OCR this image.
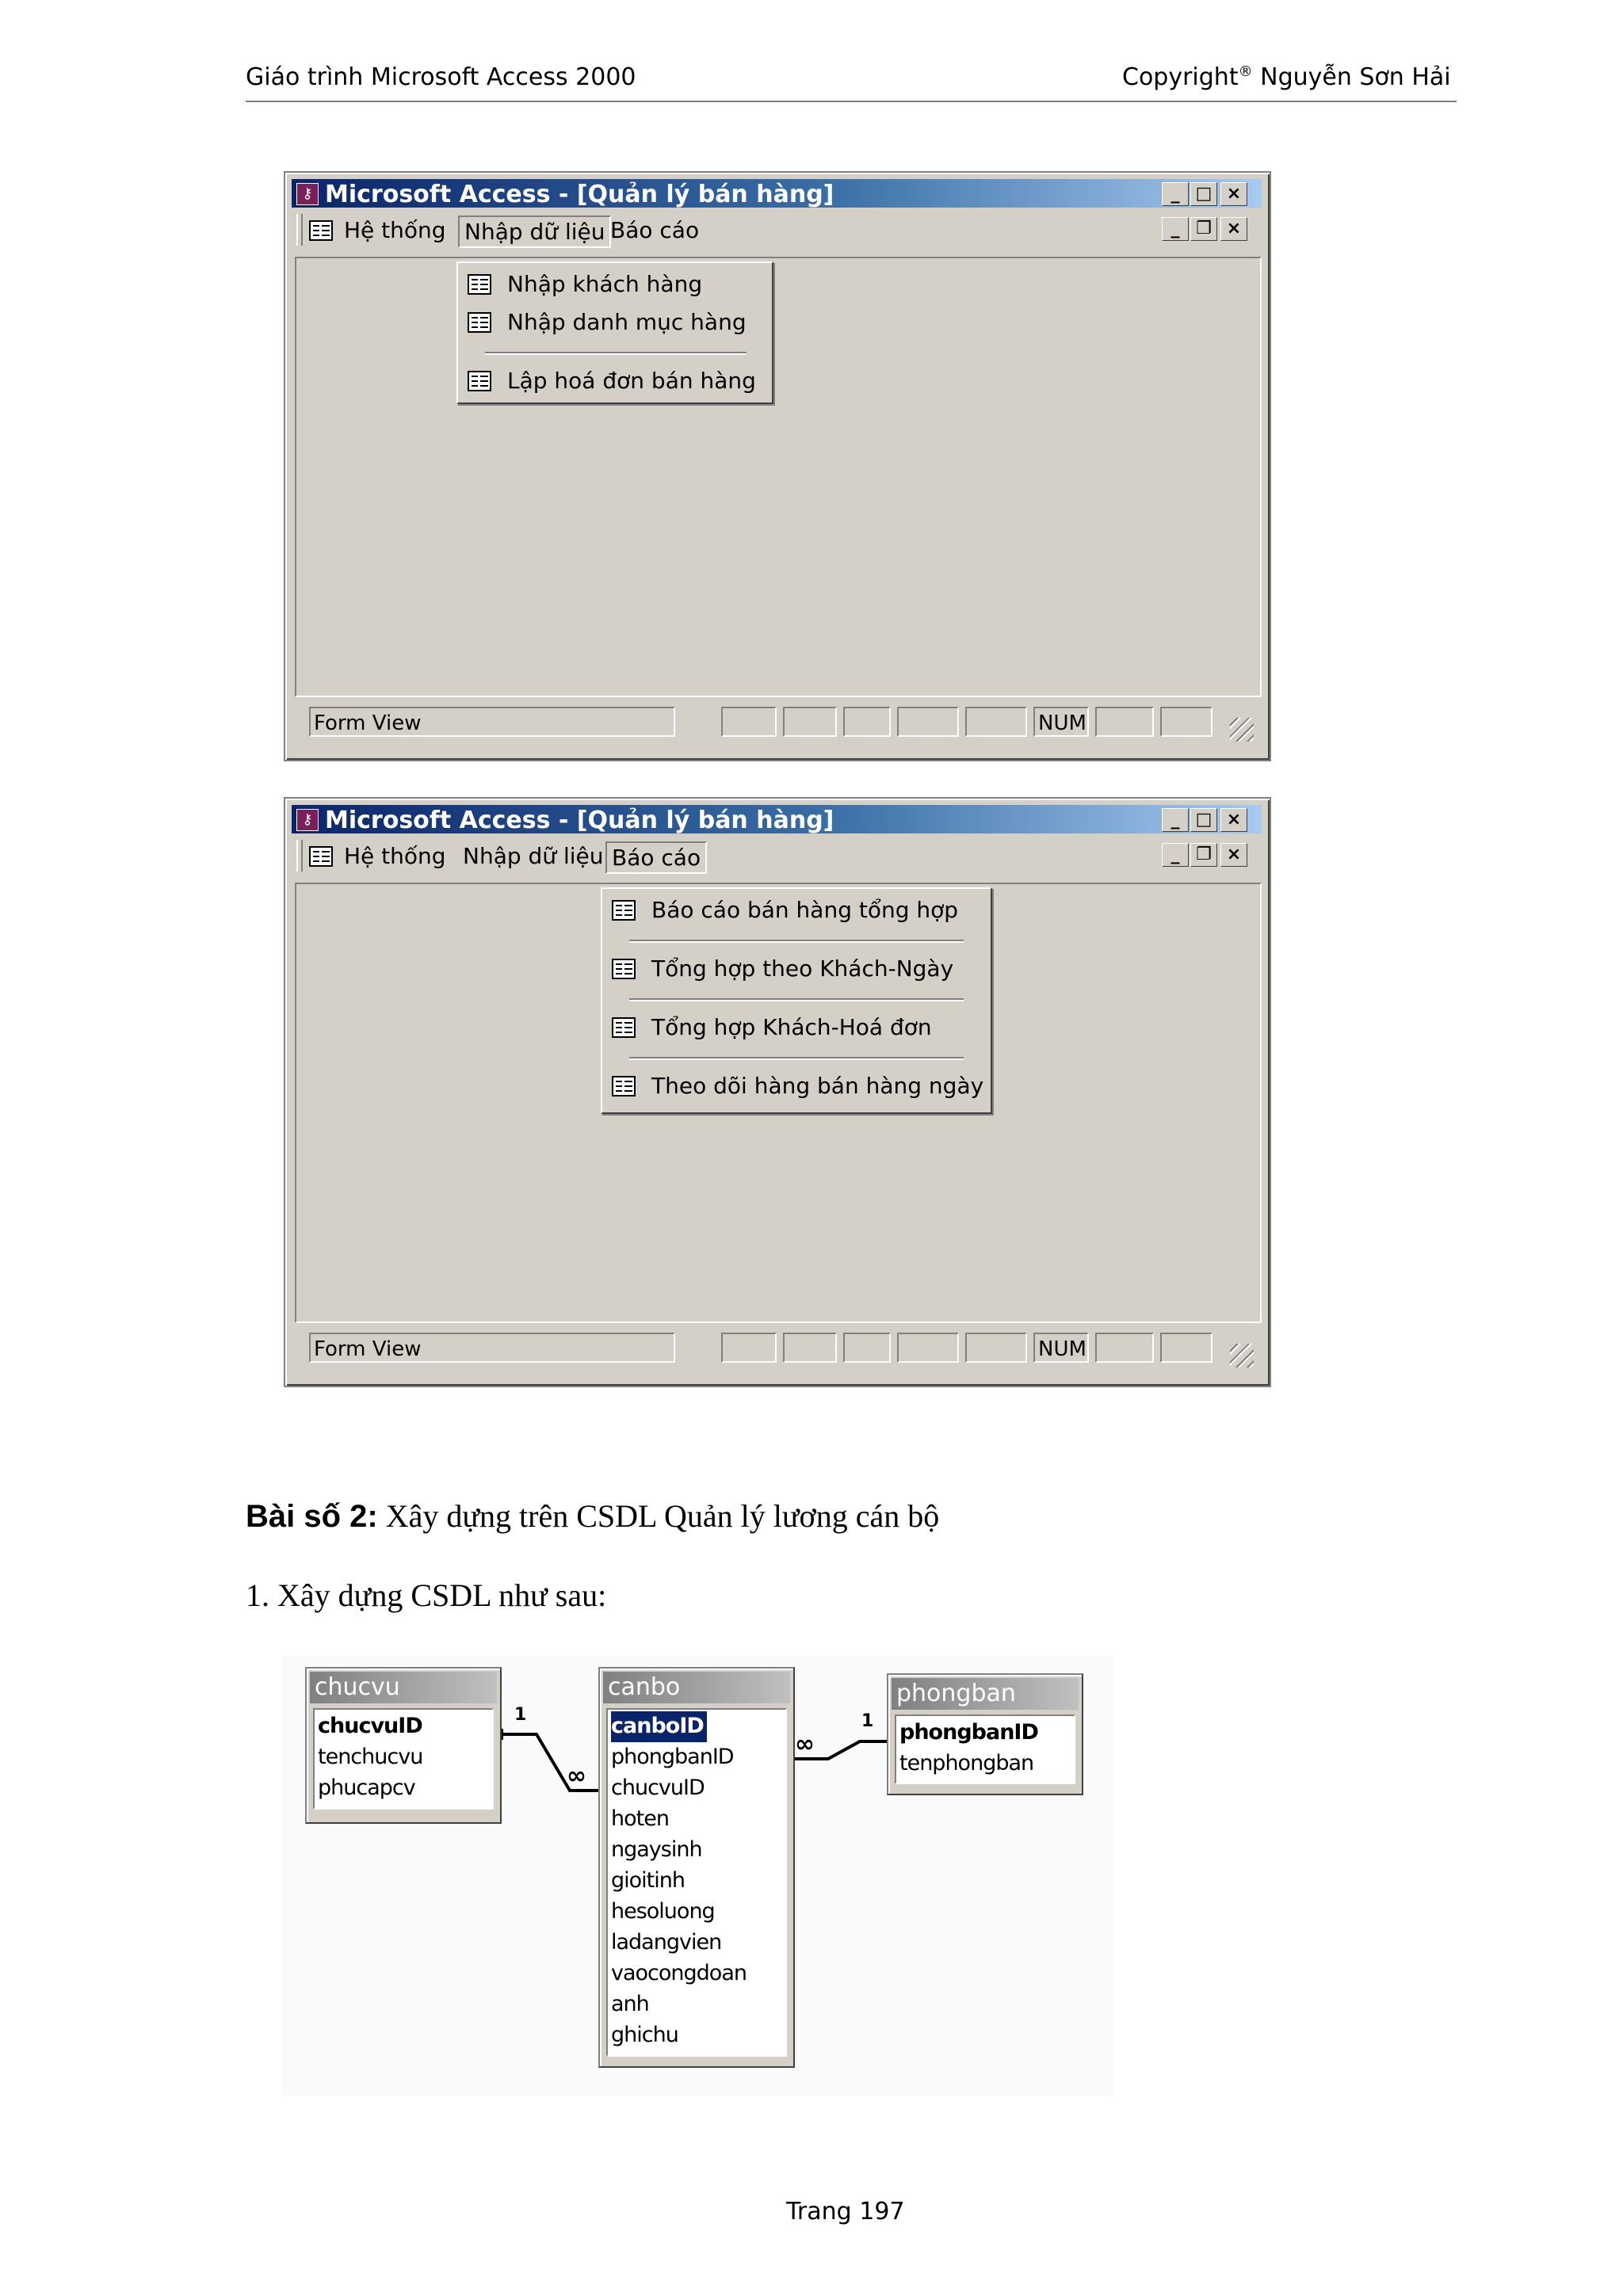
Giáo trình Microsoft Access 2000	Copyright® Nguyễn Sơn Hải
⚷ Microsoft Access - [Quản lý bán hàng]	_ □ ×
Hệ thống Nhập dữ liệu Báo cáo	_ ❐ ×
Form View	NUM
Nhập khách hàng
Nhập danh mục hàng
Lập hoá đơn bán hàng
⚷ Microsoft Access - [Quản lý bán hàng]	_ □ ×
Hệ thống Nhập dữ liệu Báo cáo	_ ❐ ×
Form View	NUM
Báo cáo bán hàng tổng hợp
Tổng hợp theo Khách-Ngày
Tổng hợp Khách-Hoá đơn
Theo dõi hàng bán hàng ngày
Bài số 2: Xây dựng trên CSDL Quản lý lương cán bộ
1. Xây dựng CSDL như sau:
1
∞
∞
1
chucvu
chucvuID
tenchucvu
phucapcv
canbo
canboID
phongbanID
chucvuID
hoten
ngaysinh
gioitinh
hesoluong
ladangvien
vaocongdoan
anh
ghichu
phongban
phongbanID
tenphongban
Trang 197
